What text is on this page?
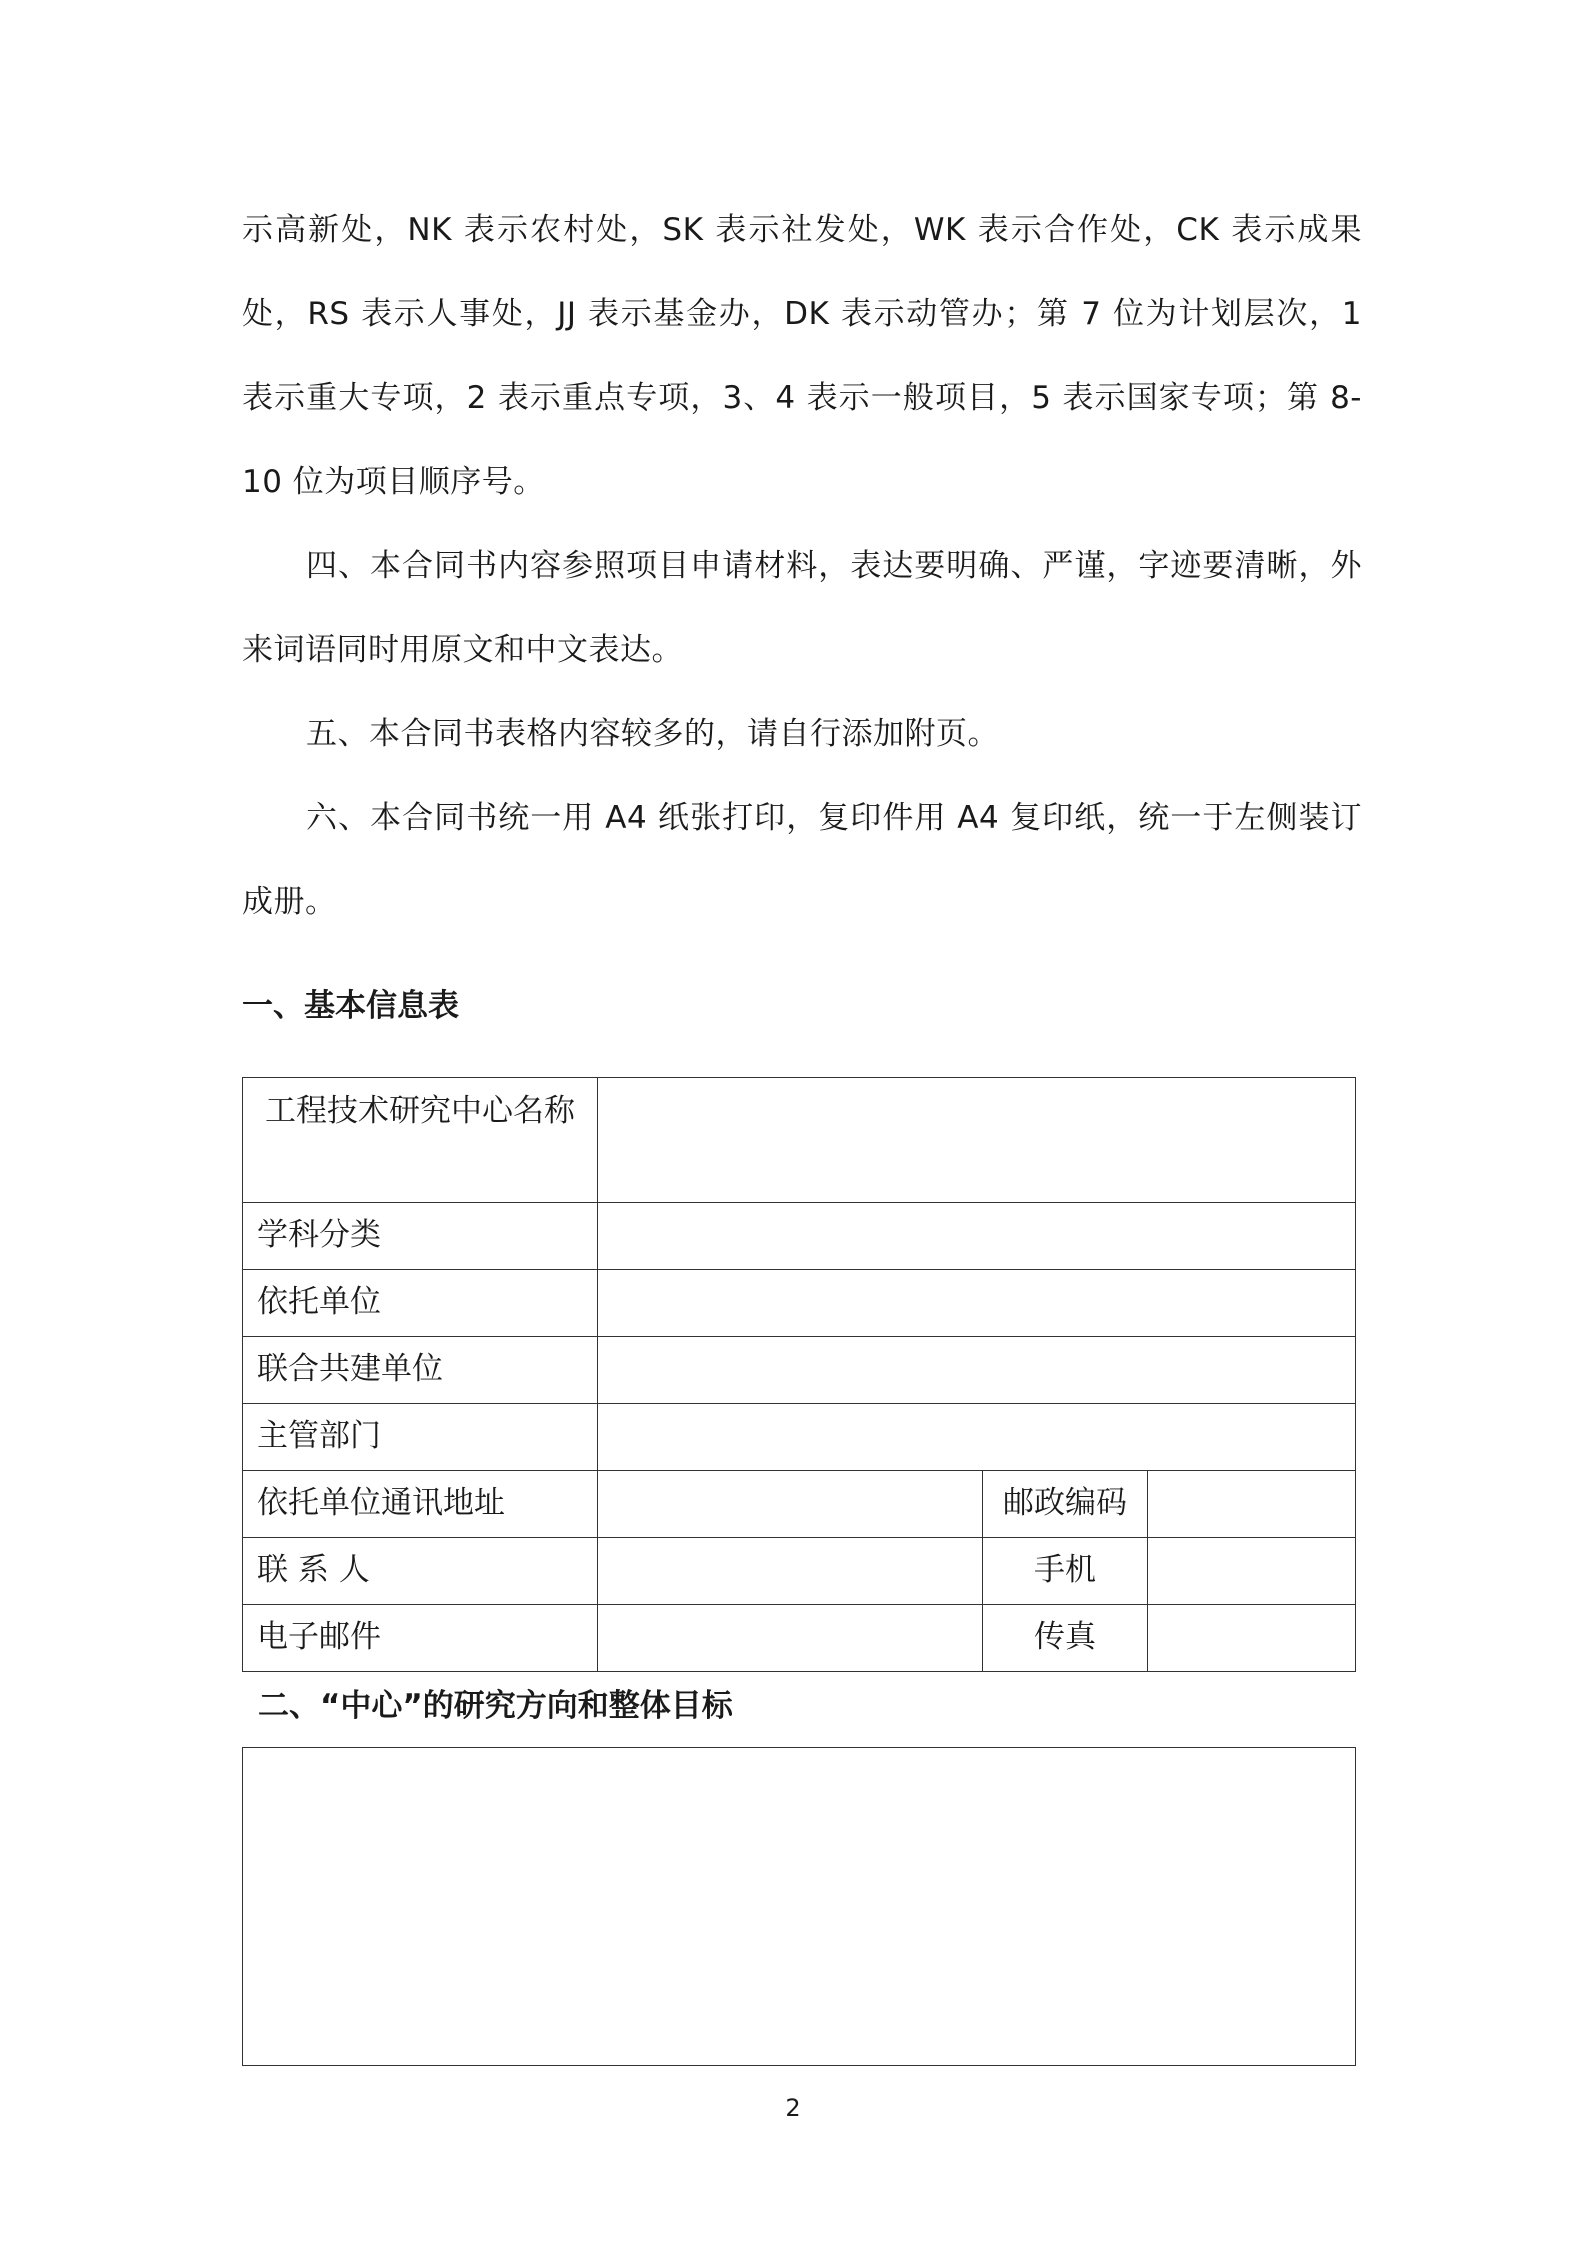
示高新处，NK 表示农村处，SK 表示社发处，WK 表示合作处，CK 表示成果处，RS 表示人事处，JJ 表示基金办，DK 表示动管办；第 7 位为计划层次，1 表示重大专项，2 表示重点专项，3、4 表示一般项目，5 表示国家专项；第 8-10 位为项目顺序号。

四、本合同书内容参照项目申请材料，表达要明确、严谨，字迹要清晰，外来词语同时用原文和中文表达。

五、本合同书表格内容较多的，请自行添加附页。

六、本合同书统一用 A4 纸张打印，复印件用 A4 复印纸，统一于左侧装订成册。

一、基本信息表
工程技术研究中心名称			
学科分类			
依托单位			
联合共建单位			
主管部门			
依托单位通讯地址		邮政编码	
联 系 人		手机	
电子邮件		传真	
二、“中心”的研究方向和整体目标
2
